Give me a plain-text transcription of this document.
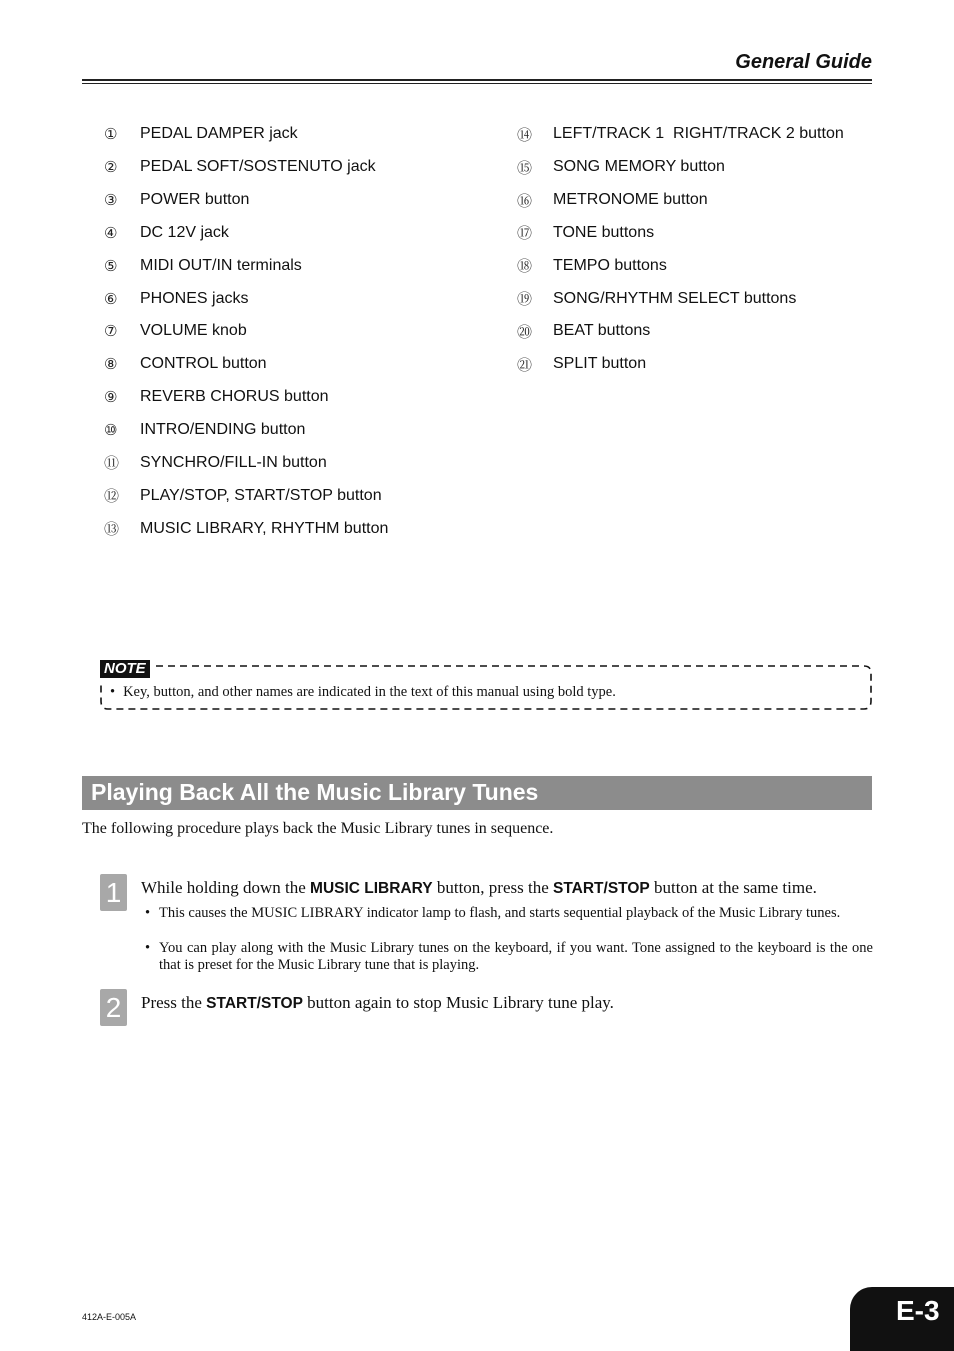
General Guide
①	PEDAL DAMPER jack
②	PEDAL SOFT/SOSTENUTO jack
③	POWER button
④	DC 12V jack
⑤	MIDI OUT/IN terminals
⑥	PHONES jacks
⑦	VOLUME knob
⑧	CONTROL button
⑨	REVERB CHORUS button
⑩	INTRO/ENDING button
⑪	SYNCHRO/FILL-IN button
⑫	PLAY/STOP, START/STOP button
⑬	MUSIC LIBRARY, RHYTHM button
⑭	LEFT/TRACK 1  RIGHT/TRACK 2 button
⑮	SONG MEMORY button
⑯	METRONOME button
⑰	TONE buttons
⑱	TEMPO buttons
⑲	SONG/RHYTHM SELECT buttons
⑳	BEAT buttons
㉑	SPLIT button
NOTE
• Key, button, and other names are indicated in the text of this manual using bold type.
Playing Back All the Music Library Tunes
The following procedure plays back the Music Library tunes in sequence.
1	While holding down the MUSIC LIBRARY button, press the START/STOP button at the same time.
• This causes the MUSIC LIBRARY indicator lamp to flash, and starts sequential playback of the Music Library tunes.
• You can play along with the Music Library tunes on the keyboard, if you want. Tone assigned to the keyboard is the one that is preset for the Music Library tune that is playing.
2	Press the START/STOP button again to stop Music Library tune play.
412A-E-005A	E-3
